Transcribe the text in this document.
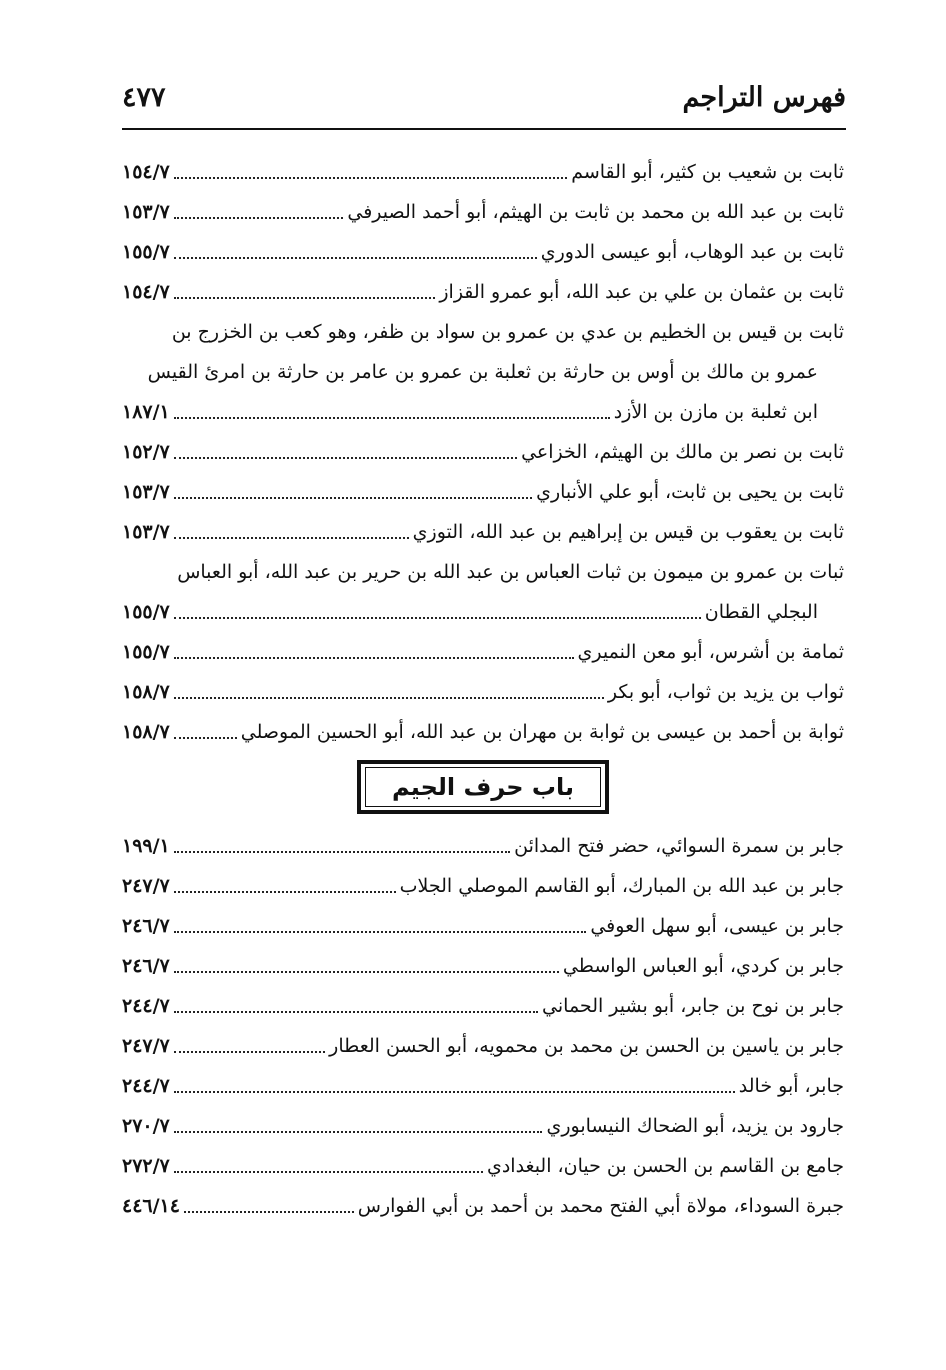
فهرس التراجم
٤٧٧
ثابت بن شعيب بن كثير، أبو القاسم
١٥٤/٧
ثابت بن عبد الله بن محمد بن ثابت بن الهيثم، أبو أحمد الصيرفي
١٥٣/٧
ثابت بن عبد الوهاب، أبو عيسى الدوري
١٥٥/٧
ثابت بن عثمان بن علي بن عبد الله، أبو عمرو القزاز
١٥٤/٧
ثابت بن قيس بن الخطيم بن عدي بن عمرو بن سواد بن ظفر، وهو كعب بن الخزرج بن
عمرو بن مالك بن أوس بن حارثة بن ثعلبة بن عمرو بن عامر بن حارثة بن امرئ القيس
ابن ثعلبة بن مازن بن الأزد
١٨٧/١
ثابت بن نصر بن مالك بن الهيثم، الخزاعي
١٥٢/٧
ثابت بن يحيى بن ثابت، أبو علي الأنباري
١٥٣/٧
ثابت بن يعقوب بن قيس بن إبراهيم بن عبد الله، التوزي
١٥٣/٧
ثبات بن عمرو بن ميمون بن ثبات العباس بن عبد الله بن حرير بن عبد الله، أبو العباس
البجلي القطان
١٥٥/٧
ثمامة بن أشرس، أبو معن النميري
١٥٥/٧
ثواب بن يزيد بن ثواب، أبو بكر
١٥٨/٧
ثوابة بن أحمد بن عيسى بن ثوابة بن مهران بن عبد الله، أبو الحسين الموصلي
١٥٨/٧
باب حرف الجيم
جابر بن سمرة السوائي، حضر فتح المدائن
١٩٩/١
جابر بن عبد الله بن المبارك، أبو القاسم الموصلي الجلاب
٢٤٧/٧
جابر بن عيسى، أبو سهل العوفي
٢٤٦/٧
جابر بن كردي، أبو العباس الواسطي
٢٤٦/٧
جابر بن نوح بن جابر، أبو بشير الحماني
٢٤٤/٧
جابر بن ياسين بن الحسن بن محمد بن محمويه، أبو الحسن العطار
٢٤٧/٧
جابر، أبو خالد
٢٤٤/٧
جارود بن يزيد، أبو الضحاك النيسابوري
٢٧٠/٧
جامع بن القاسم بن الحسن بن حيان، البغدادي
٢٧٢/٧
جبرة السوداء، مولاة أبي الفتح محمد بن أحمد بن أبي الفوارس
٤٤٦/١٤
